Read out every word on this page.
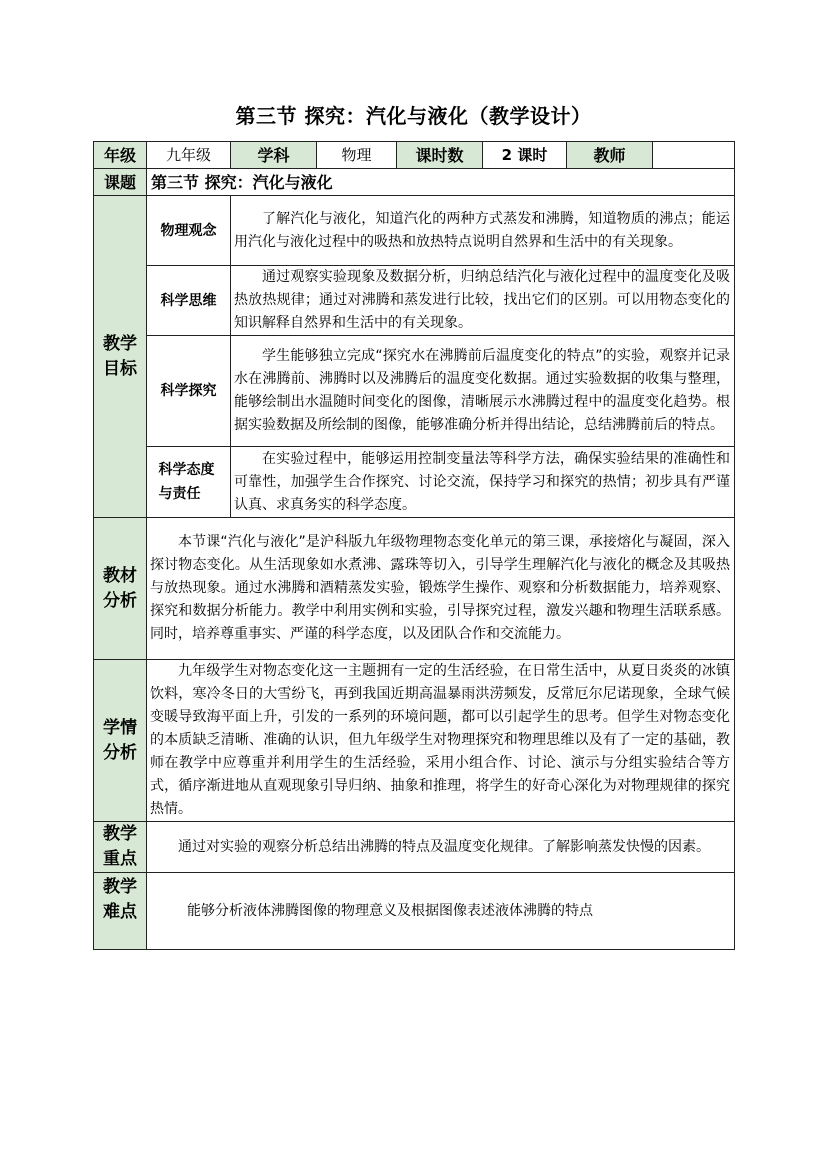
第三节 探究：汽化与液化（教学设计）
年级	九年级	学科	物理	课时数	2 课时	教师	
课题	第三节 探究：汽化与液化						
教学目标	物理观念	了解汽化与液化，知道汽化的两种方式蒸发和沸腾，知道物质的沸点；能运用汽化与液化过程中的吸热和放热特点说明自然界和生活中的有关现象。					
	科学思维	通过观察实验现象及数据分析，归纳总结汽化与液化过程中的温度变化及吸热放热规律；通过对沸腾和蒸发进行比较，找出它们的区别。可以用物态变化的知识解释自然界和生活中的有关现象。					
	科学探究	学生能够独立完成“探究水在沸腾前后温度变化的特点”的实验，观察并记录水在沸腾前、沸腾时以及沸腾后的温度变化数据。通过实验数据的收集与整理，能够绘制出水温随时间变化的图像，清晰展示水沸腾过程中的温度变化趋势。根据实验数据及所绘制的图像，能够准确分析并得出结论，总结沸腾前后的特点。					
	科学态度与责任	在实验过程中，能够运用控制变量法等科学方法，确保实验结果的准确性和可靠性，加强学生合作探究、讨论交流，保持学习和探究的热情；初步具有严谨认真、求真务实的科学态度。					
教材分析	本节课“汽化与液化”是沪科版九年级物理物态变化单元的第三课，承接熔化与凝固，深入探讨物态变化。从生活现象如水煮沸、露珠等切入，引导学生理解汽化与液化的概念及其吸热与放热现象。通过水沸腾和酒精蒸发实验，锻炼学生操作、观察和分析数据能力，培养观察、探究和数据分析能力。教学中利用实例和实验，引导探究过程，激发兴趣和物理生活联系感。同时，培养尊重事实、严谨的科学态度，以及团队合作和交流能力。						
学情分析	九年级学生对物态变化这一主题拥有一定的生活经验，在日常生活中，从夏日炎炎的冰镇饮料，寒冷冬日的大雪纷飞，再到我国近期高温暴雨洪涝频发，反常厄尔尼诺现象，全球气候变暖导致海平面上升，引发的一系列的环境问题，都可以引起学生的思考。但学生对物态变化的本质缺乏清晰、准确的认识，但九年级学生对物理探究和物理思维以及有了一定的基础，教师在教学中应尊重并利用学生的生活经验，采用小组合作、讨论、演示与分组实验结合等方式，循序渐进地从直观现象引导归纳、抽象和推理，将学生的好奇心深化为对物理规律的探究热情。						
教学重点	通过对实验的观察分析总结出沸腾的特点及温度变化规律。了解影响蒸发快慢的因素。						
教学难点	能够分析液体沸腾图像的物理意义及根据图像表述液体沸腾的特点						
